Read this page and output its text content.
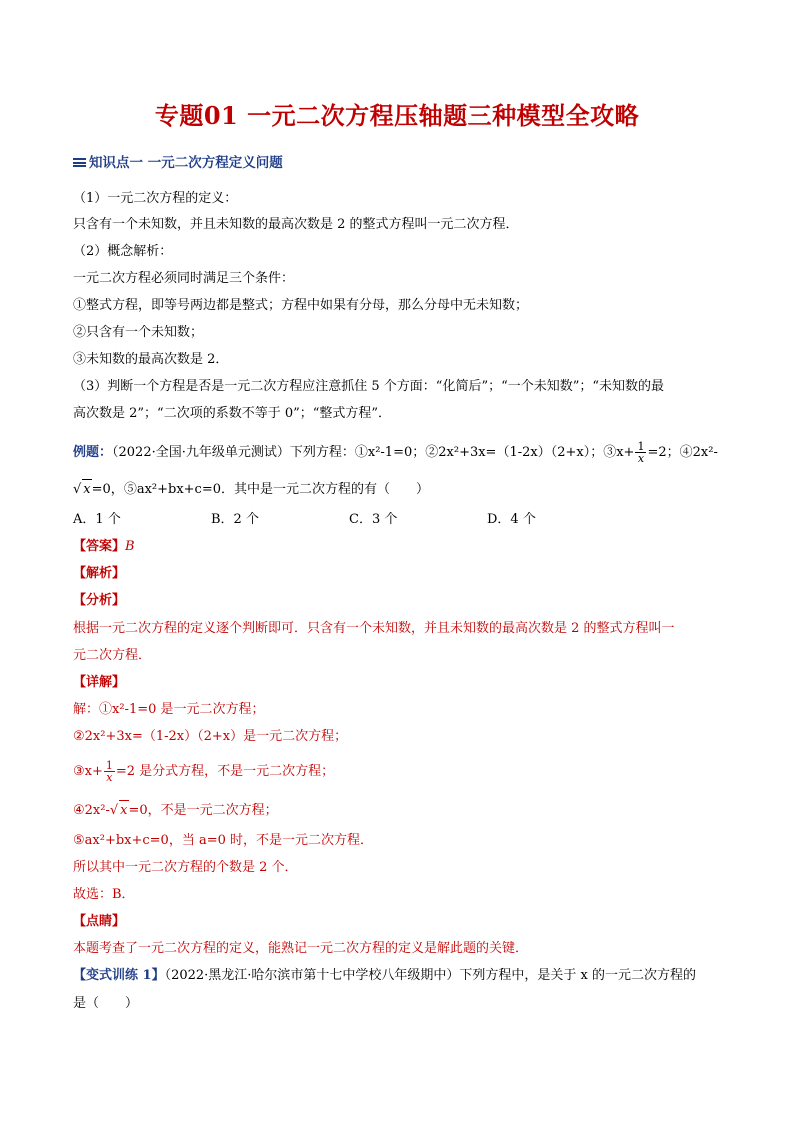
专题01 一元二次方程压轴题三种模型全攻略
知识点一 一元二次方程定义问题
（1）一元二次方程的定义：
只含有一个未知数，并且未知数的最高次数是 2 的整式方程叫一元二次方程．
（2）概念解析：
一元二次方程必须同时满足三个条件：
①整式方程，即等号两边都是整式；方程中如果有分母，那么分母中无未知数；
②只含有一个未知数；
③未知数的最高次数是 2．
（3）判断一个方程是否是一元二次方程应注意抓住 5 个方面：“化简后”；“一个未知数”；“未知数的最
高次数是 2”；“二次项的系数不等于 0”；“整式方程”．
例题：（2022·全国·九年级单元测试）下列方程：①x²-1=0；②2x²+3x=（1-2x）（2+x）；③x+ $\frac{1}{x} =2$；④2x²-
√ x=0，⑤ax²+bx+c=0．其中是一元二次方程的有（　　）
A．1 个	B．2 个	C．3 个	D．4 个
【答案】B
【解析】
【分析】
根据一元二次方程的定义逐个判断即可．只含有一个未知数，并且未知数的最高次数是 2 的整式方程叫一
元二次方程．
【详解】
解：①x²-1=0 是一元二次方程；
②2x²+3x=（1-2x）（2+x）是一元二次方程；
③x+ $\frac{1}{x} =2$ 是分式方程，不是一元二次方程；
④2x²-√ x=0，不是一元二次方程；
⑤ax²+bx+c=0，当 a=0 时，不是一元二次方程．
所以其中一元二次方程的个数是 2 个．
故选：B．
【点睛】
本题考查了一元二次方程的定义，能熟记一元二次方程的定义是解此题的关键．
【变式训练 1】（2022·黑龙江·哈尔滨市第十七中学校八年级期中）下列方程中，是关于 x 的一元二次方程的
是（　　）
